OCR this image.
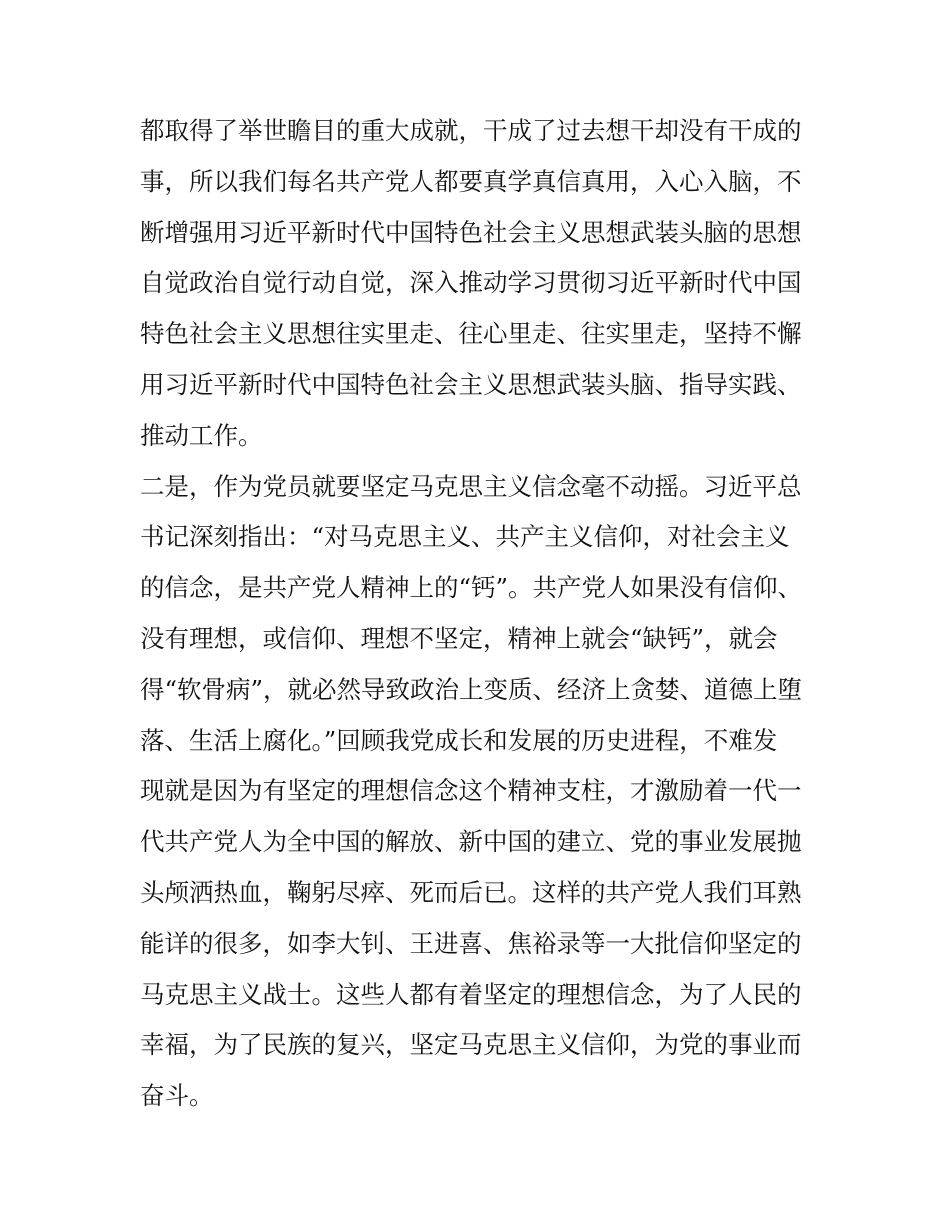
都取得了举世瞻目的重大成就，干成了过去想干却没有干成的
事，所以我们每名共产党人都要真学真信真用，入心入脑，不
断增强用习近平新时代中国特色社会主义思想武装头脑的思想
自觉政治自觉行动自觉，深入推动学习贯彻习近平新时代中国
特色社会主义思想往实里走、往心里走、往实里走，坚持不懈
用习近平新时代中国特色社会主义思想武装头脑、指导实践、
推动工作。
二是，作为党员就要坚定马克思主义信念毫不动摇。习近平总
书记深刻指出：“对马克思主义、共产主义信仰，对社会主义
的信念，是共产党人精神上的“钙”。共产党人如果没有信仰、
没有理想，或信仰、理想不坚定，精神上就会“缺钙”，就会
得“软骨病”，就必然导致政治上变质、经济上贪婪、道德上堕
落、生活上腐化。”回顾我党成长和发展的历史进程，不难发
现就是因为有坚定的理想信念这个精神支柱，才激励着一代一
代共产党人为全中国的解放、新中国的建立、党的事业发展抛
头颅洒热血，鞠躬尽瘁、死而后已。这样的共产党人我们耳熟
能详的很多，如李大钊、王进喜、焦裕录等一大批信仰坚定的
马克思主义战士。这些人都有着坚定的理想信念，为了人民的
幸福，为了民族的复兴，坚定马克思主义信仰，为党的事业而
奋斗。
